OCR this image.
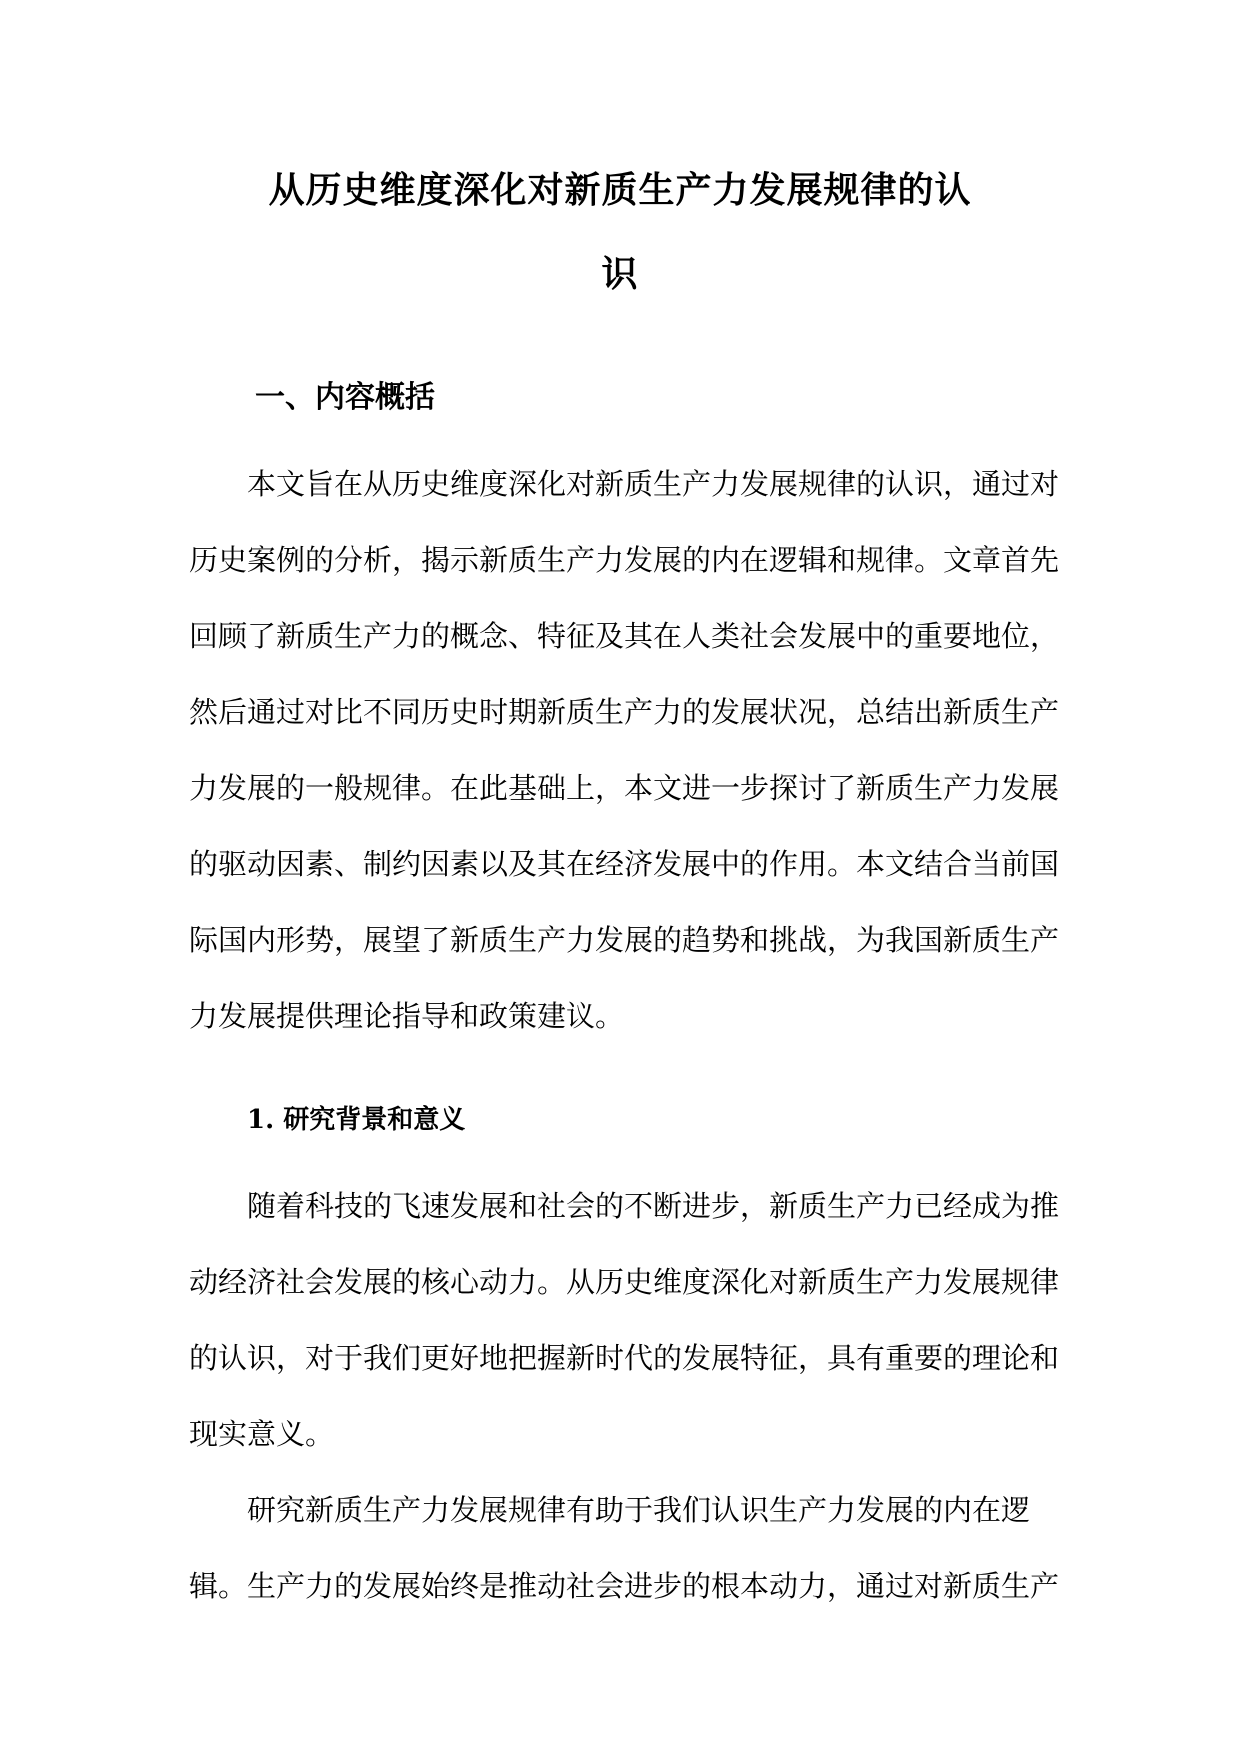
从历史维度深化对新质生产力发展规律的认
识
一、内容概括
本文旨在从历史维度深化对新质生产力发展规律的认识，通过对
历史案例的分析，揭示新质生产力发展的内在逻辑和规律。文章首先
回顾了新质生产力的概念、特征及其在人类社会发展中的重要地位，
然后通过对比不同历史时期新质生产力的发展状况，总结出新质生产
力发展的一般规律。在此基础上，本文进一步探讨了新质生产力发展
的驱动因素、制约因素以及其在经济发展中的作用。本文结合当前国
际国内形势，展望了新质生产力发展的趋势和挑战，为我国新质生产
力发展提供理论指导和政策建议。
1. 研究背景和意义
随着科技的飞速发展和社会的不断进步，新质生产力已经成为推
动经济社会发展的核心动力。从历史维度深化对新质生产力发展规律
的认识，对于我们更好地把握新时代的发展特征，具有重要的理论和
现实意义。
研究新质生产力发展规律有助于我们认识生产力发展的内在逻
辑。生产力的发展始终是推动社会进步的根本动力，通过对新质生产
